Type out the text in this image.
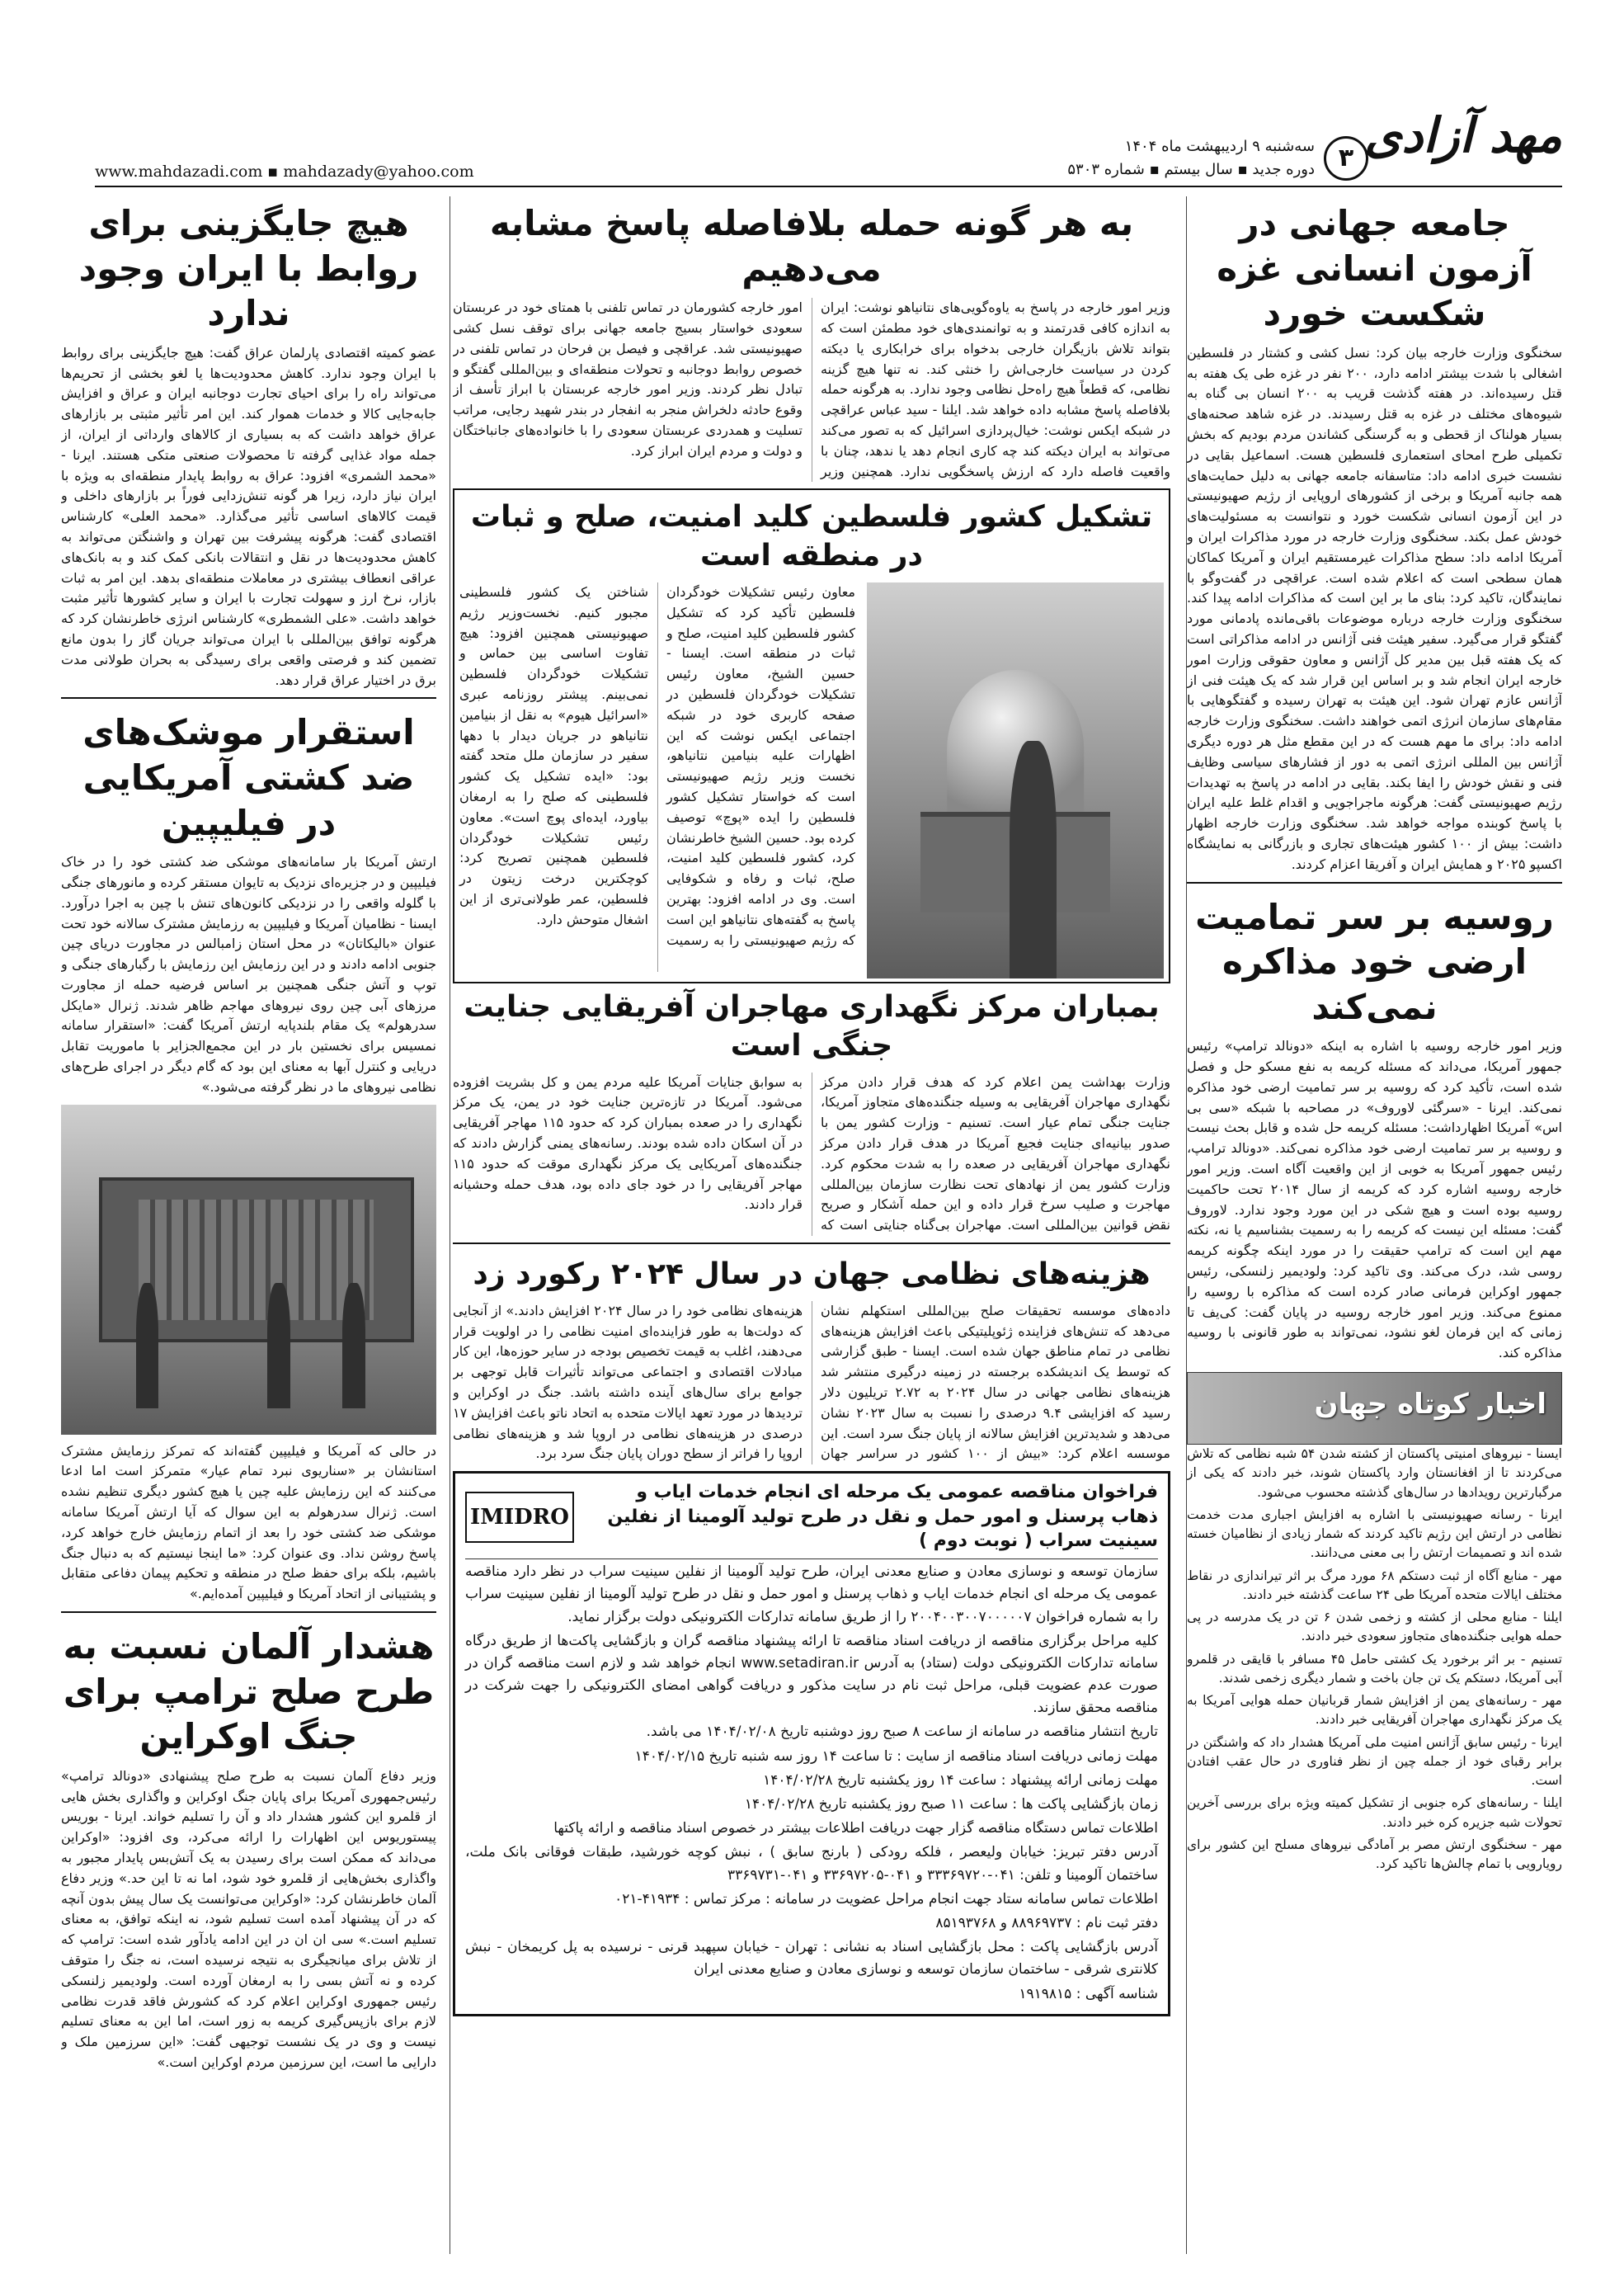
مهد آزادی
۳
سه‌شنبه ۹ اردیبهشت ماه ۱۴۰۴
دوره جدید ▪ سال بیستم ▪ شماره ۵۳۰۳
www.mahdazadi.com ▪ mahdazady@yahoo.com
جامعه جهانی در آزمون انسانی غزه شکست خورد

سخنگوی وزارت خارجه بیان کرد: نسل کشی و کشتار در فلسطین اشغالی با شدت بیشتر ادامه دارد، ۲۰۰ نفر در غزه طی یک هفته به قتل رسیده‌اند. در هفته گذشت قریب به ۲۰۰ انسان بی گناه به شیوه‌های مختلف در غزه به قتل رسیدند. در غزه شاهد صحنه‌های بسیار هولناک از قحطی و به گرسنگی کشاندن مردم بودیم که بخش تکمیلی طرح امحای استعماری فلسطین هست. اسماعیل بقایی در نشست خبری ادامه داد: متاسفانه جامعه جهانی به دلیل حمایت‌های همه جانبه آمریکا و برخی از کشورهای اروپایی از رژیم صهیونیستی در این آزمون انسانی شکست خورد و نتوانست به مسئولیت‌های خودش عمل بکند. سخنگوی وزارت خارجه در مورد مذاکرات ایران و آمریکا ادامه داد: سطح مذاکرات غیرمستقیم ایران و آمریکا کماکان همان سطحی است که اعلام شده است. عراقچی در گفت‌وگو با نمایندگان، تاکید کرد: بنای ما بر این است که مذاکرات ادامه پیدا کند. سخنگوی وزارت خارجه درباره موضوعات باقی‌مانده پادمانی مورد گفتگو قرار می‌گیرد. سفیر هیئت فنی آژانس در ادامه مذاکراتی است که یک هفته قبل بین مدیر کل آژانس و معاون حقوقی وزارت امور خارجه ایران انجام شد و بر اساس این قرار شد که یک هیئت فنی از آژانس عازم تهران شود. این هیئت به تهران رسیده و گفتگوهایی با مقام‌های سازمان انرژی اتمی خواهند داشت. سخنگوی وزارت خارجه ادامه داد: برای ما مهم هست که در این مقطع مثل هر دوره دیگری آژانس بین المللی انرژی اتمی به دور از فشارهای سیاسی وظایف فنی و نقش خودش را ایفا بکند. بقایی در ادامه در پاسخ به تهدیدات رژیم صهیونیستی گفت: هرگونه ماجراجویی و اقدام غلط علیه ایران با پاسخ کوبنده مواجه خواهد شد. سخنگوی وزارت خارجه اظهار داشت: بیش از ۱۰۰ کشور هیئت‌های تجاری و بازرگانی به نمایشگاه اکسپو ۲۰۲۵ و همایش ایران و آفریقا اعزام کردند.

روسیه بر سر تمامیت ارضی خود مذاکره نمی‌کند

وزیر امور خارجه روسیه با اشاره به اینکه «دونالد ترامپ» رئیس جمهور آمریکا، می‌داند که مسئله کریمه به نفع مسکو حل و فصل شده است، تأکید کرد که روسیه بر سر تمامیت ارضی خود مذاکره نمی‌کند. ایرنا - «سرگئی لاوروف» در مصاحبه با شبکه «سی بی اس» آمریکا اظهارداشت: مسئله کریمه حل شده و قابل بحث نیست و روسیه بر سر تمامیت ارضی خود مذاکره نمی‌کند. «دونالد ترامپ، رئیس جمهور آمریکا به خوبی از این واقعیت آگاه است. وزیر امور خارجه روسیه اشاره کرد که کریمه از سال ۲۰۱۴ تحت حاکمیت روسیه بوده است و هیچ شکی در این مورد وجود ندارد. لاوروف گفت: مسئله این نیست که کریمه را به رسمیت بشناسیم یا نه، نکته مهم این است که ترامپ حقیقت را در مورد اینکه چگونه کریمه روسی شد، درک می‌کند. وی تاکید کرد: ولودیمیر زلنسکی، رئیس جمهور اوکراین فرمانی صادر کرده است که مذاکره با روسیه را ممنوع می‌کند. وزیر امور خارجه روسیه در پایان گفت: کی‌یف تا زمانی که این فرمان لغو نشود، نمی‌تواند به طور قانونی با روسیه مذاکره کند.

اخبار کوتاه جهان

ایسنا - نیروهای امنیتی پاکستان از کشته شدن ۵۴ شبه نظامی که تلاش می‌کردند تا از افغانستان وارد پاکستان شوند، خبر دادند که یکی از مرگبارترین رویدادها در سال‌های گذشته محسوب می‌شود.

ایرنا - رسانه صهیونیستی با اشاره به افزایش اجباری مدت خدمت نظامی در ارتش این رژیم تاکید کردند که شمار زیادی از نظامیان خسته شده اند و تصمیمات ارتش را بی معنی می‌دانند.

مهر - منابع آگاه از ثبت دستکم ۶۸ مورد مرگ بر اثر تیراندازی در نقاط مختلف ایالات متحده آمریکا طی ۲۴ ساعت گذشته خبر دادند.

ایلنا - منابع محلی از کشته و زخمی شدن ۶ تن در یک مدرسه در پی حمله هوایی جنگنده‌های متجاوز سعودی خبر دادند.

تسنیم - بر اثر برخورد یک کشتی حامل ۴۵ مسافر با قایقی در قلمرو آبی آمریکا، دستکم یک تن جان باخت و شمار دیگری زخمی شدند.

مهر - رسانه‌های یمن از افزایش شمار قربانیان حمله هوایی آمریکا به یک مرکز نگهداری مهاجران آفریقایی خبر دادند.

ایرنا - رئیس سابق آژانس امنیت ملی آمریکا هشدار داد که واشنگتن در برابر رقبای خود از جمله چین از نظر فناوری در حال عقب افتادن است.

ایلنا - رسانه‌های کره جنوبی از تشکیل کمیته ویژه برای بررسی آخرین تحولات شبه جزیره کره خبر دادند.

مهر - سخنگوی ارتش مصر بر آمادگی نیروهای مسلح این کشور برای رویارویی با تمام چالش‌ها تاکید کرد.

به هر گونه حمله بلافاصله پاسخ مشابه می‌دهیم

وزیر امور خارجه در پاسخ به یاوه‌گویی‌های نتانیاهو نوشت: ایران به اندازه کافی قدرتمند و به توانمندی‌های خود مطمئن است که بتواند تلاش بازیگران خارجی بدخواه برای خرابکاری یا دیکته کردن در سیاست خارجی‌اش را خنثی کند. نه تنها هیچ گزینه نظامی، که قطعاً هیچ راه‌حل نظامی وجود ندارد. به هرگونه حمله بلافاصله پاسخ مشابه داده خواهد شد. ایلنا - سید عباس عراقچی در شبکه ایکس نوشت: خیال‌پردازی اسرائیل که به تصور می‌کند می‌تواند به ایران دیکته کند چه کاری انجام دهد یا ندهد، چنان با واقعیت فاصله دارد که ارزش پاسخگویی ندارد. همچنین وزیر امور خارجه کشورمان در تماس تلفنی با همتای خود در عربستان سعودی خواستار بسیج جامعه جهانی برای توقف نسل کشی صهیونیستی شد. عراقچی و فیصل بن فرحان در تماس تلفنی در خصوص روابط دوجانبه و تحولات منطقه‌ای و بین‌المللی گفتگو و تبادل نظر کردند. وزیر امور خارجه عربستان با ابراز تأسف از وقوع حادثه دلخراش منجر به انفجار در بندر شهید رجایی، مراتب تسلیت و همدردی عربستان سعودی را با خانواده‌های جانباختگان و دولت و مردم ایران ابراز کرد.

تشکیل کشور فلسطین کلید امنیت، صلح و ثبات در منطقه است

معاون رئیس تشکیلات خودگردان فلسطین تأکید کرد که تشکیل کشور فلسطین کلید امنیت، صلح و ثبات در منطقه است. ایسنا - حسین الشیخ، معاون رئیس تشکیلات خودگردان فلسطین در صفحه کاربری خود در شبکه اجتماعی ایکس نوشت که این اظهارات علیه بنیامین نتانیاهو، نخست وزیر رژیم صهیونیستی است که خواستار تشکیل کشور فلسطین را ایده «پوچ» توصیف کرده بود. حسین الشیخ خاطرنشان کرد، کشور فلسطین کلید امنیت، صلح، ثبات و رفاه و شکوفایی است. وی در ادامه افزود: بهترین پاسخ به گفته‌های نتانیاهو این است که رژیم صهیونیستی را به رسمیت شناختن یک کشور فلسطینی مجبور کنیم. نخست‌وزیر رژیم صهیونیستی همچنین افزود: هیچ تفاوت اساسی بین حماس و تشکیلات خودگردان فلسطین نمی‌بینم. پیشتر روزنامه عبری «اسرائیل هیوم» به نقل از بنیامین نتانیاهو در جریان دیدار با دهها سفیر در سازمان ملل متحد گفته بود: «ایده تشکیل یک کشور فلسطینی که صلح را به ارمغان بیاورد، ایده‌ای پوچ است». معاون رئیس تشکیلات خودگردان فلسطین همچنین تصریح کرد: کوچکترین درخت زیتون در فلسطین، عمر طولانی‌تری از این اشغال متوحش دارد.

بمباران مرکز نگهداری مهاجران آفریقایی جنایت جنگی است

وزارت بهداشت یمن اعلام کرد که هدف قرار دادن مرکز نگهداری مهاجران آفریقایی به وسیله جنگنده‌های متجاوز آمریکا، جنایت جنگی تمام عیار است. تسنیم - وزارت کشور یمن با صدور بیانیه‌ای جنایت فجیع آمریکا در هدف قرار دادن مرکز نگهداری مهاجران آفریقایی در صعده را به شدت محکوم کرد. وزارت کشور یمن از نهادهای تحت نظارت سازمان بین‌المللی مهاجرت و صلیب سرخ قرار داده و این حمله آشکار و صریح نقض قوانین بین‌المللی است. مهاجران بی‌گناه جنایتی است که به سوابق جنایات آمریکا علیه مردم یمن و کل بشریت افزوده می‌شود. آمریکا در تازه‌ترین جنایت خود در یمن، یک مرکز نگهداری را در صعده بمباران کرد که حدود ۱۱۵ مهاجر آفریقایی در آن اسکان داده شده بودند. رسانه‌های یمنی گزارش دادند که جنگنده‌های آمریکایی یک مرکز نگهداری موقت که حدود ۱۱۵ مهاجر آفریقایی را در خود جای داده بود، هدف حمله وحشیانه قرار دادند.

هزینه‌های نظامی جهان در سال ۲۰۲۴ رکورد زد

داده‌های موسسه تحقیقات صلح بین‌المللی استکهلم نشان می‌دهد که تنش‌های فزاینده ژئوپلیتیکی باعث افزایش هزینه‌های نظامی در تمام مناطق جهان شده است. ایسنا - طبق گزارشی که توسط یک اندیشکده برجسته در زمینه درگیری منتشر شد هزینه‌های نظامی جهانی در سال ۲۰۲۴ به ۲.۷۲ تریلیون دلار رسید که افزایشی ۹.۴ درصدی را نسبت به سال ۲۰۲۳ نشان می‌دهد و شدیدترین افزایش سالانه از پایان جنگ سرد است. این موسسه اعلام کرد: «بیش از ۱۰۰ کشور در سراسر جهان هزینه‌های نظامی خود را در سال ۲۰۲۴ افزایش دادند.» از آنجایی که دولت‌ها به طور فزاینده‌ای امنیت نظامی را در اولویت قرار می‌دهند، اغلب به قیمت تخصیص بودجه در سایر حوزه‌ها، این کار مبادلات اقتصادی و اجتماعی می‌تواند تأثیرات قابل توجهی بر جوامع برای سال‌های آینده داشته باشد. جنگ در اوکراین و تردیدها در مورد تعهد ایالات متحده به اتحاد ناتو باعث افزایش ۱۷ درصدی در هزینه‌های نظامی در اروپا شد و هزینه‌های نظامی اروپا را فراتر از سطح دوران پایان جنگ سرد برد.

فراخوان مناقصه عمومی یک مرحله ای انجام خدمات ایاب و ذهاب پرسنل و امور حمل و نقل در طرح تولید آلومینا از نفلین سینیت سراب ( نوبت دوم )
IMIDRO

سازمان توسعه و نوسازی معادن و صنایع معدنی ایران، طرح تولید آلومینا از نفلین سینیت سراب در نظر دارد مناقصه عمومی یک مرحله ای انجام خدمات ایاب و ذهاب پرسنل و امور حمل و نقل در طرح تولید آلومینا از نفلین سینیت سراب را به شماره فراخوان ۲۰۰۴۰۰۳۰۰۷۰۰۰۰۰۷ را از طریق سامانه تدارکات الکترونیکی دولت برگزار نماید.

کلیه مراحل برگزاری مناقصه از دریافت اسناد مناقصه تا ارائه پیشنهاد مناقصه گران و بازگشایی پاکت‌ها از طریق درگاه سامانه تدارکات الکترونیکی دولت (ستاد) به آدرس www.setadiran.ir انجام خواهد شد و لازم است مناقصه گران در صورت عدم عضویت قبلی، مراحل ثبت نام در سایت مذکور و دریافت گواهی امضای الکترونیکی را جهت شرکت در مناقصه محقق سازند.

تاریخ انتشار مناقصه در سامانه از ساعت ۸ صبح روز دوشنبه تاریخ ۱۴۰۴/۰۲/۰۸ می باشد.

مهلت زمانی دریافت اسناد مناقصه از سایت : تا ساعت ۱۴ روز سه شنبه تاریخ ۱۴۰۴/۰۲/۱۵

مهلت زمانی ارائه پیشنهاد : ساعت ۱۴ روز یکشنبه تاریخ ۱۴۰۴/۰۲/۲۸

زمان بازگشایی پاکت ها : ساعت ۱۱ صبح روز یکشنبه تاریخ ۱۴۰۴/۰۲/۲۸

اطلاعات تماس دستگاه مناقصه گزار جهت دریافت اطلاعات بیشتر در خصوص اسناد مناقصه و ارائه پاکتها

آدرس دفتر تبریز: خیابان ولیعصر ، فلکه رودکی ( بارنج سابق ) ، نبش کوچه خورشید، طبقات فوقانی بانک ملت، ساختمان آلومینا و تلفن: ۰۴۱-۳۳۳۶۹۷۲۰ و ۰۴۱-۳۳۶۹۷۲۰۵ و ۰۴۱-۳۳۶۹۷۳۱

اطلاعات تماس سامانه ستاد جهت انجام مراحل عضویت در سامانه : مرکز تماس : ۴۱۹۳۴-۰۲۱

دفتر ثبت نام : ۸۸۹۶۹۷۳۷ و ۸۵۱۹۳۷۶۸

آدرس بازگشایی پاکت : محل بازگشایی اسناد به نشانی : تهران - خیابان سپهبد قرنی - نرسیده به پل کریمخان - نبش کلانتری شرقی - ساختمان سازمان توسعه و نوسازی معادن و صنایع معدنی ایران

شناسه آگهی : ۱۹۱۹۸۱۵

هیچ جایگزینی برای روابط با ایران وجود ندارد

عضو کمیته اقتصادی پارلمان عراق گفت: هیچ جایگزینی برای روابط با ایران وجود ندارد. کاهش محدودیت‌ها یا لغو بخشی از تحریم‌ها می‌تواند راه را برای احیای تجارت دوجانبه ایران و عراق و افزایش جابه‌جایی کالا و خدمات هموار کند. این امر تأثیر مثبتی بر بازارهای عراق خواهد داشت که به بسیاری از کالاهای وارداتی از ایران، از جمله مواد غذایی گرفته تا محصولات صنعتی متکی هستند. ایرنا - «محمد الشمری» افزود: عراق به روابط پایدار منطقه‌ای به ویژه با ایران نیاز دارد، زیرا هر گونه تنش‌زدایی فوراً بر بازارهای داخلی و قیمت کالاهای اساسی تأثیر می‌گذارد. «محمد العلی» کارشناس اقتصادی گفت: هرگونه پیشرفت بین تهران و واشنگتن می‌تواند به کاهش محدودیت‌ها در نقل و انتقالات بانکی کمک کند و به بانک‌های عراقی انعطاف بیشتری در معاملات منطقه‌ای بدهد. این امر به ثبات بازار، نرخ ارز و سهولت تجارت با ایران و سایر کشورها تأثیر مثبت خواهد داشت. «علی الشمطری» کارشناس انرژی خاطرنشان کرد که هرگونه توافق بین‌المللی با ایران می‌تواند جریان گاز را بدون مانع تضمین کند و فرصتی واقعی برای رسیدگی به بحران طولانی مدت برق در اختیار عراق قرار دهد.

استقرار موشک‌های ضد کشتی آمریکایی در فیلیپین

ارتش آمریکا بار سامانه‌های موشکی ضد کشتی خود را در خاک فیلیپین و در جزیره‌ای نزدیک به تایوان مستقر کرده و مانورهای جنگی با گلوله واقعی را در نزدیکی کانون‌های تنش با چین به اجرا درآورد. ایسنا - نظامیان آمریکا و فیلیپین به رزمایش مشترک سالانه خود تحت عنوان «بالیکاتان» در محل استان زامبالس در مجاورت دریای چین جنوبی ادامه دادند و در این رزمایش این رزمایش با رگبارهای جنگی و توپ و آتش جنگی همچنین بر اساس فرضیه حمله از مجاورت مرزهای آبی چین روی نیروهای مهاجم ظاهر شدند. ژنرال «مایکل سدرهولم» یک مقام بلندپایه ارتش آمریکا گفت: «استقرار سامانه نمسیس برای نخستین بار در این مجمع‌الجزایر با ماموریت تقابل دریایی و کنترل آبها به معنای این بود که گام دیگر در اجرای طرح‌های نظامی نیروهای ما در نظر گرفته می‌شود.»

در حالی که آمریکا و فیلیپین گفته‌اند که تمرکز رزمایش مشترک استانشان بر «سناریوی نبرد تمام عیار» متمرکز است اما ادعا می‌کنند که این رزمایش علیه چین یا هیچ کشور دیگری تنظیم نشده است. ژنرال سدرهولم به این سوال که آیا ارتش آمریکا سامانه موشکی ضد کشتی خود را بعد از اتمام رزمایش خارج خواهد کرد، پاسخ روشن نداد. وی عنوان کرد: «ما اینجا نیستیم که به دنبال جنگ باشیم، بلکه برای حفظ صلح در منطقه و تحکیم پیمان دفاعی متقابل و پشتیبانی از اتحاد آمریکا و فیلیپین آمده‌ایم.»

هشدار آلمان نسبت به طرح صلح ترامپ برای جنگ اوکراین

وزیر دفاع آلمان نسبت به طرح صلح پیشنهادی «دونالد ترامپ» رئیس‌جمهوری آمریکا برای پایان جنگ اوکراین و واگذاری بخش هایی از قلمرو این کشور هشدار داد و آن را تسلیم خواند. ایرنا - بوریس پیستوریوس این اظهارات را ارائه می‌کرد، وی افزود: «اوکراین می‌داند که ممکن است برای رسیدن به یک آتش‌بس پایدار مجبور به واگذاری بخش‌هایی از قلمرو خود شود، اما نه تا این حد.» وزیر دفاع آلمان خاطرنشان کرد: «اوکراین می‌توانست یک سال پیش بدون آنچه که در آن پیشنهاد آمده است تسلیم شود، نه اینکه توافق، به معنای تسلیم است.» سی ان ان در این ادامه یادآور شده است: ترامپ که از تلاش برای میانجیگری به نتیجه نرسیده است، نه جنگ را متوقف کرده و نه آتش بسی را به ارمغان آورده است. ولودیمیر زلنسکی رئیس جمهوری اوکراین اعلام کرد که کشورش فاقد قدرت نظامی لازم برای بازپس‌گیری کریمه به زور است، اما این به معنای تسلیم نیست و وی در یک نشست توجیهی گفت: «این سرزمین ملک و دارایی ما است، این سرزمین مردم اوکراین است.»
